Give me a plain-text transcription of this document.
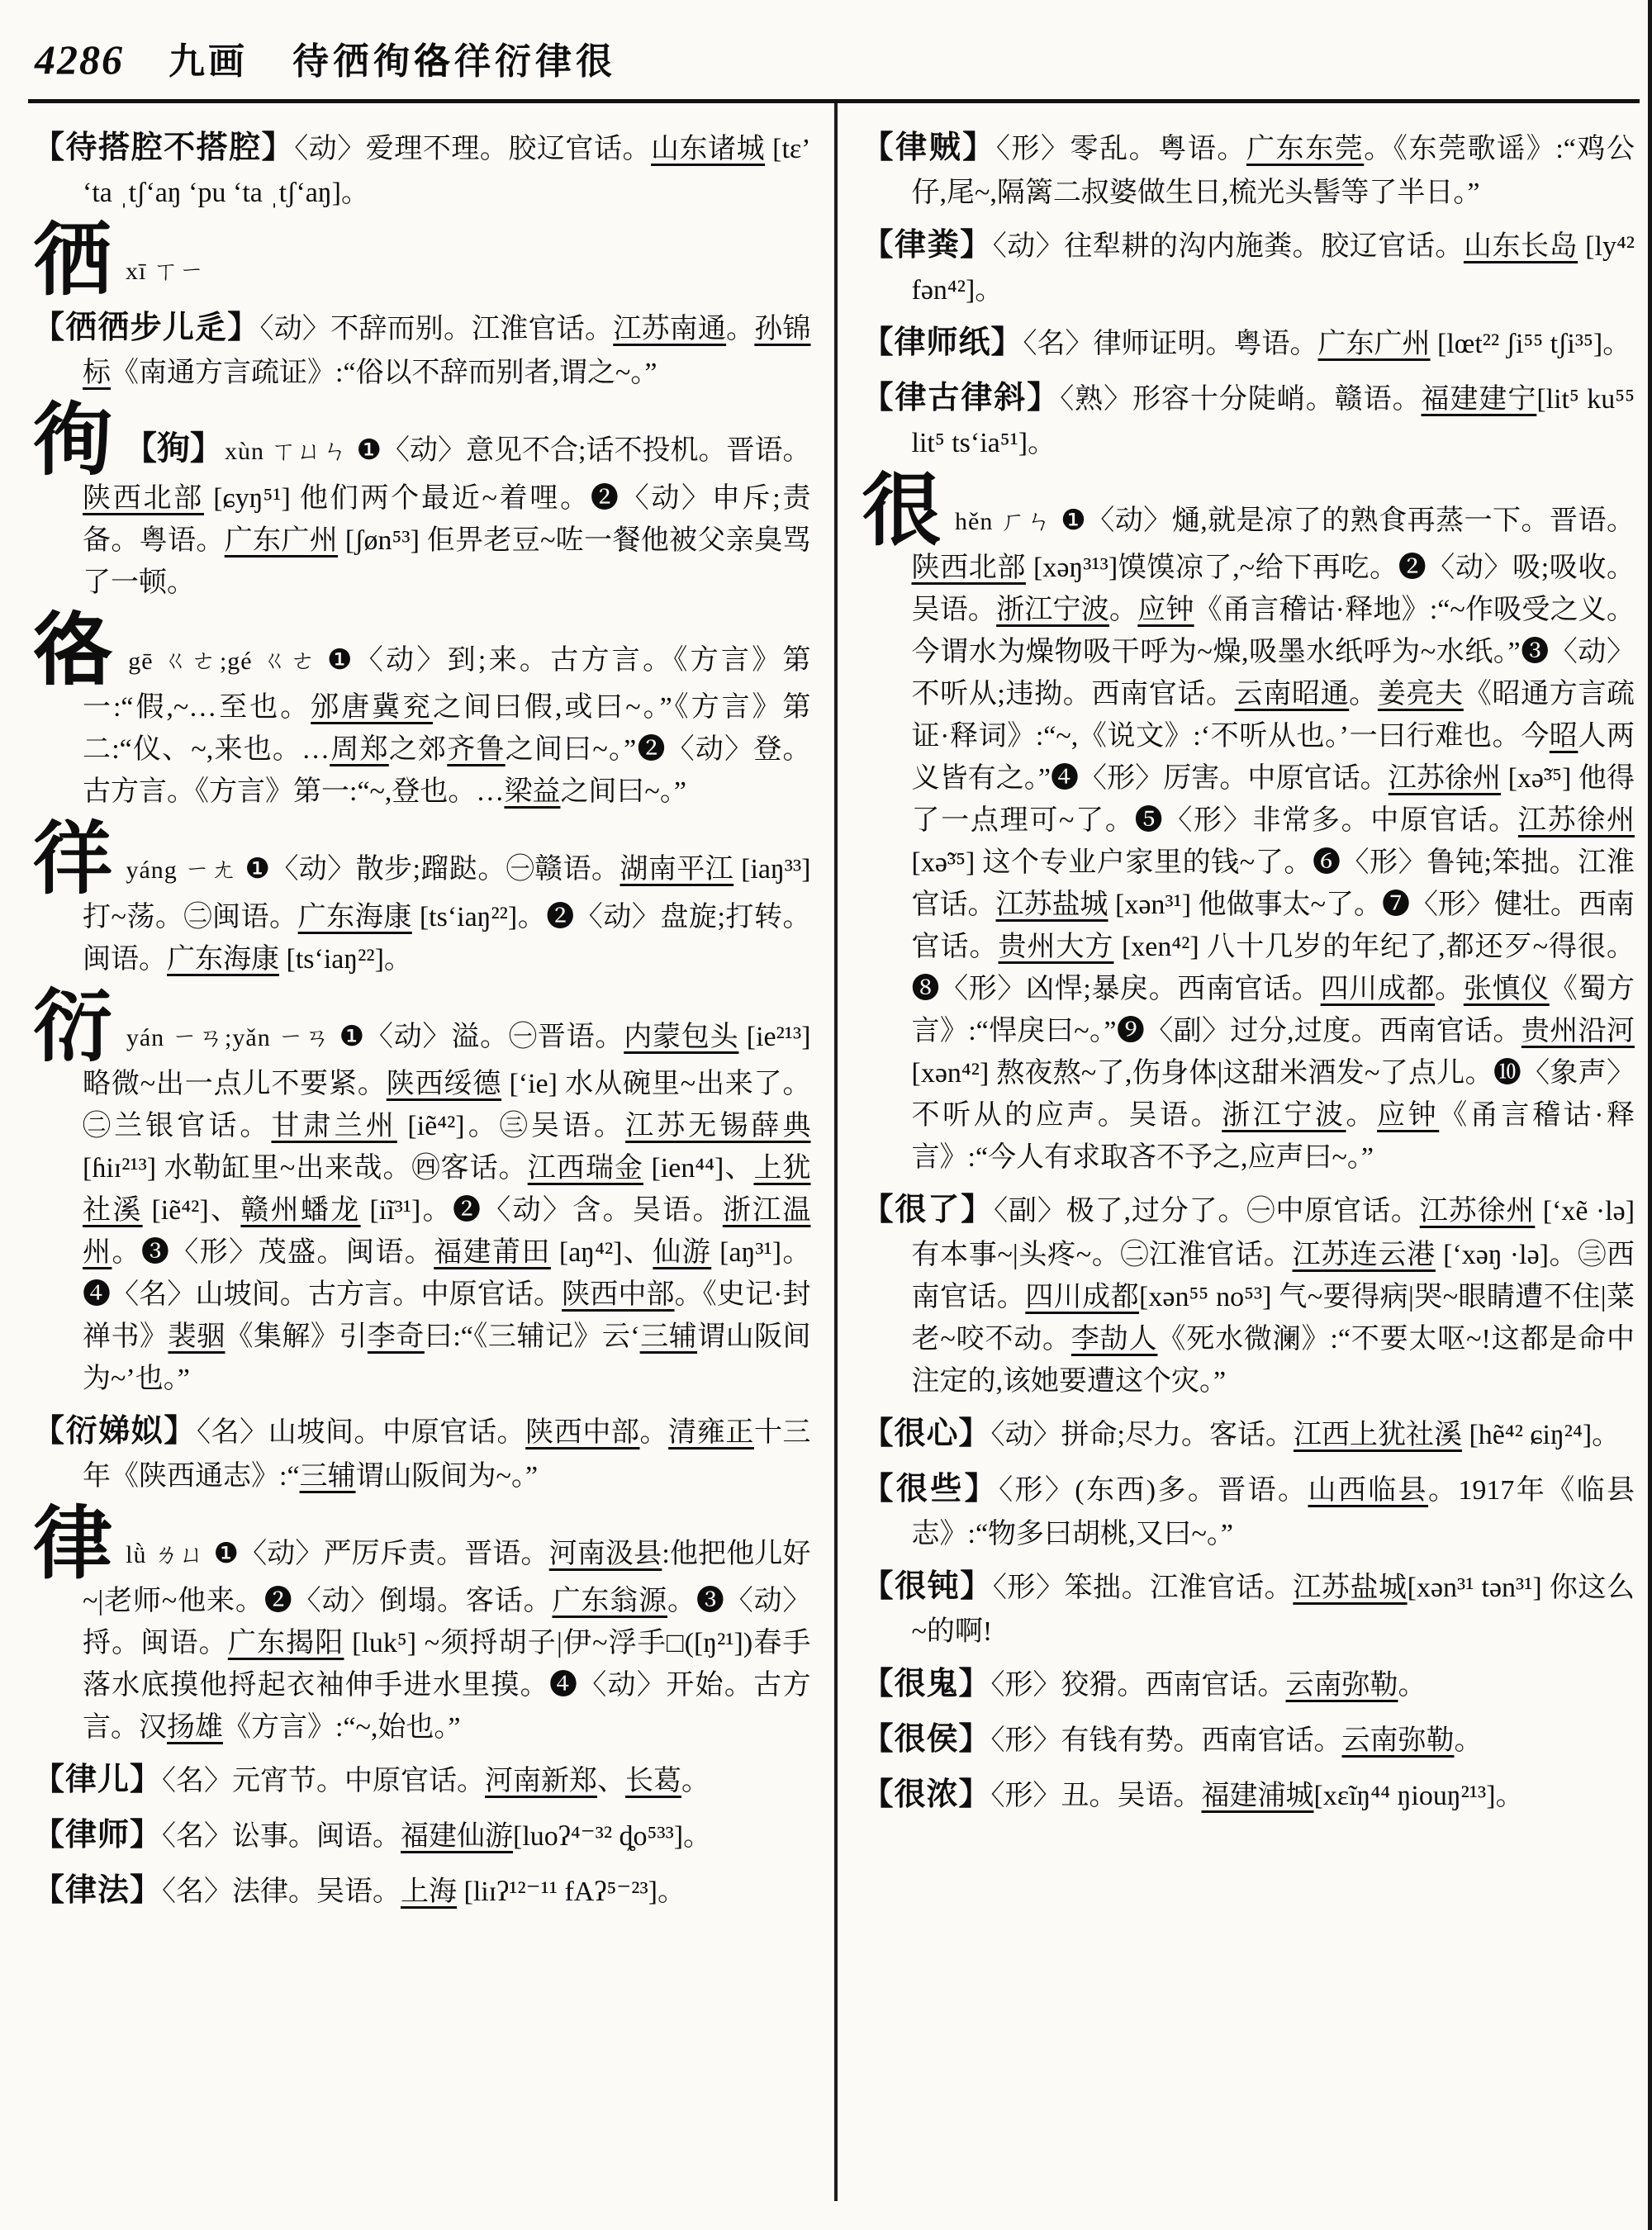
4286 九画 待徆徇𢓜徉衍律很
【待搭腔不搭腔】〈动〉爱理不理。胶辽官话。山东诸城 [tɛ’ ‘ta ˌtʃ‘aŋ ‘pu ‘ta ˌtʃ‘aŋ]。
徆xī ㄒㄧ
【徆徆步儿辵】〈动〉不辞而别。江淮官话。江苏南通。孙锦标《南通方言疏证》:“俗以不辞而别者,谓之~。”
徇 【狥】xùn ㄒㄩㄣ ❶〈动〉意见不合;话不投机。晋语。陕西北部 [ɕyŋ⁵¹] 他们两个最近~着哩。❷〈动〉申斥;责备。粤语。广东广州 [ʃøn⁵³] 佢畀老豆~咗一餐他被父亲臭骂了一顿。
𢓜gē ㄍㄜ;gé ㄍㄜ ❶〈动〉到;来。古方言。《方言》第一:“假,~…至也。邠唐冀兖之间曰假,或曰~。”《方言》第二:“仪、~,来也。…周郑之郊齐鲁之间曰~。”❷〈动〉登。古方言。《方言》第一:“~,登也。…梁益之间曰~。”
徉yáng ㄧㄤ ❶〈动〉散步;蹓跶。㊀赣语。湖南平江 [iaŋ³³] 打~荡。㊁闽语。广东海康 [ts‘iaŋ²²]。❷〈动〉盘旋;打转。闽语。广东海康 [ts‘iaŋ²²]。
衍yán ㄧㄢ;yǎn ㄧㄢ ❶〈动〉溢。㊀晋语。内蒙包头 [ie²¹³] 略微~出一点儿不要紧。陕西绥德 [‘ie] 水从碗里~出来了。㊁兰银官话。甘肃兰州 [iẽ⁴²]。㊂吴语。江苏无锡薛典 [ɦiɪ²¹³] 水勒缸里~出来哉。㊃客话。江西瑞金 [ien⁴⁴]、上犹社溪 [iẽ⁴²]、赣州蟠龙 [iĩ³¹]。❷〈动〉含。吴语。浙江温州。❸〈形〉茂盛。闽语。福建莆田 [aŋ⁴²]、仙游 [aŋ³¹]。❹〈名〉山坡间。古方言。中原官话。陕西中部。《史记·封禅书》裴骃《集解》引李奇曰:“《三辅记》云‘三辅谓山阪间为~’也。”
【衍娣姒】〈名〉山坡间。中原官话。陕西中部。清雍正十三年《陕西通志》:“三辅谓山阪间为~。”
律lǜ ㄌㄩ ❶〈动〉严厉斥责。晋语。河南汲县:他把他儿好~|老师~他来。❷〈动〉倒塌。客话。广东翁源。❸〈动〉捋。闽语。广东揭阳 [luk⁵] ~须捋胡子|伊~浮手□([ŋ²¹])春手落水底摸他捋起衣袖伸手进水里摸。❹〈动〉开始。古方言。汉扬雄《方言》:“~,始也。”
【律儿】〈名〉元宵节。中原官话。河南新郑、长葛。
【律师】〈名〉讼事。闽语。福建仙游[luoʔ⁴⁻³² ȡo⁵³³]。
【律法】〈名〉法律。吴语。上海 [liɪʔ¹²⁻¹¹ fAʔ⁵⁻²³]。
【律贼】〈形〉零乱。粤语。广东东莞。《东莞歌谣》:“鸡公仔,尾~,隔篱二叔婆做生日,梳光头髻等了半日。”
【律粪】〈动〉往犁耕的沟内施粪。胶辽官话。山东长岛 [ly⁴² fən⁴²]。
【律师纸】〈名〉律师证明。粤语。广东广州 [lœt²² ʃi⁵⁵ tʃi³⁵]。
【律古律斜】〈熟〉形容十分陡峭。赣语。福建建宁[lit⁵ ku⁵⁵ lit⁵ ts‘ia⁵¹]。
很hěn ㄏㄣ ❶〈动〉熥,就是凉了的熟食再蒸一下。晋语。陕西北部 [xəŋ³¹³]馍馍凉了,~给下再吃。❷〈动〉吸;吸收。吴语。浙江宁波。应钟《甬言稽诂·释地》:“~作吸受之义。今谓水为燥物吸干呼为~燥,吸墨水纸呼为~水纸。”❸〈动〉不听从;违拗。西南官话。云南昭通。姜亮夫《昭通方言疏证·释词》:“~,《说文》:‘不听从也。’一曰行难也。今昭人两义皆有之。”❹〈形〉厉害。中原官话。江苏徐州 [xə̃³⁵] 他得了一点理可~了。❺〈形〉非常多。中原官话。江苏徐州 [xə̃³⁵] 这个专业户家里的钱~了。❻〈形〉鲁钝;笨拙。江淮官话。江苏盐城 [xən³¹] 他做事太~了。❼〈形〉健壮。西南官话。贵州大方 [xen⁴²] 八十几岁的年纪了,都还歹~得很。❽〈形〉凶悍;暴戾。西南官话。四川成都。张慎仪《蜀方言》:“悍戾曰~。”❾〈副〉过分,过度。西南官话。贵州沿河 [xən⁴²] 熬夜熬~了,伤身体|这甜米酒发~了点儿。❿〈象声〉不听从的应声。吴语。浙江宁波。应钟《甬言稽诂·释言》:“今人有求取吝不予之,应声曰~。”
【很了】〈副〉极了,过分了。㊀中原官话。江苏徐州 [‘xẽ ·lə] 有本事~|头疼~。㊁江淮官话。江苏连云港 [‘xəŋ ·lə]。㊂西南官话。四川成都[xən⁵⁵ no⁵³] 气~要得病|哭~眼睛遭不住|菜老~咬不动。李劼人《死水微澜》:“不要太呕~!这都是命中注定的,该她要遭这个灾。”
【很心】〈动〉拼命;尽力。客话。江西上犹社溪 [hẽ⁴² ɕiŋ²⁴]。
【很些】〈形〉(东西)多。晋语。山西临县。1917年《临县志》:“物多曰胡桃,又曰~。”
【很钝】〈形〉笨拙。江淮官话。江苏盐城[xən³¹ tən³¹] 你这么~的啊!
【很鬼】〈形〉狡猾。西南官话。云南弥勒。
【很侯】〈形〉有钱有势。西南官话。云南弥勒。
【很浓】〈形〉丑。吴语。福建浦城[xɛĩŋ⁴⁴ ŋiouŋ²¹³]。
